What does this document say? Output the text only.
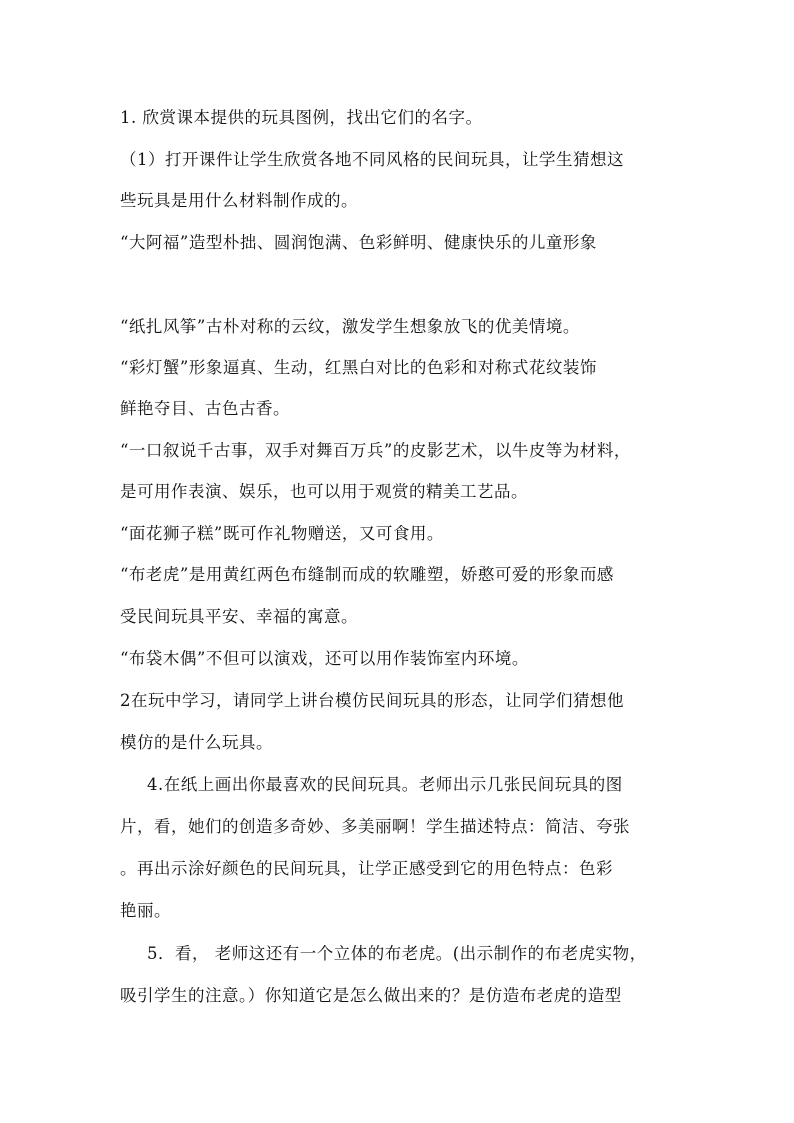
1. 欣赏课本提供的玩具图例，找出它们的名字。
（1）打开课件让学生欣赏各地不同风格的民间玩具，让学生猜想这
些玩具是用什么材料制作成的。
“大阿福”造型朴拙、圆润饱满、色彩鲜明、健康快乐的儿童形象
“纸扎风筝”古朴对称的云纹，激发学生想象放飞的优美情境。
“彩灯蟹”形象逼真、生动，红黑白对比的色彩和对称式花纹装饰
鲜艳夺目、古色古香。
“一口叙说千古事，双手对舞百万兵”的皮影艺术，以牛皮等为材料，
是可用作表演、娱乐，也可以用于观赏的精美工艺品。
“面花狮子糕”既可作礼物赠送，又可食用。
“布老虎”是用黄红两色布缝制而成的软雕塑，娇憨可爱的形象而感
受民间玩具平安、幸福的寓意。
“布袋木偶”不但可以演戏，还可以用作装饰室内环境。
2在玩中学习，请同学上讲台模仿民间玩具的形态，让同学们猜想他
模仿的是什么玩具。
4.在纸上画出你最喜欢的民间玩具。老师出示几张民间玩具的图
片，看，她们的创造多奇妙、多美丽啊！学生描述特点：简洁、夸张
。再出示涂好颜色的民间玩具，让学正感受到它的用色特点：色彩
艳丽。
5．看， 老师这还有一个立体的布老虎。(出示制作的布老虎实物，
吸引学生的注意。）你知道它是怎么做出来的？是仿造布老虎的造型
